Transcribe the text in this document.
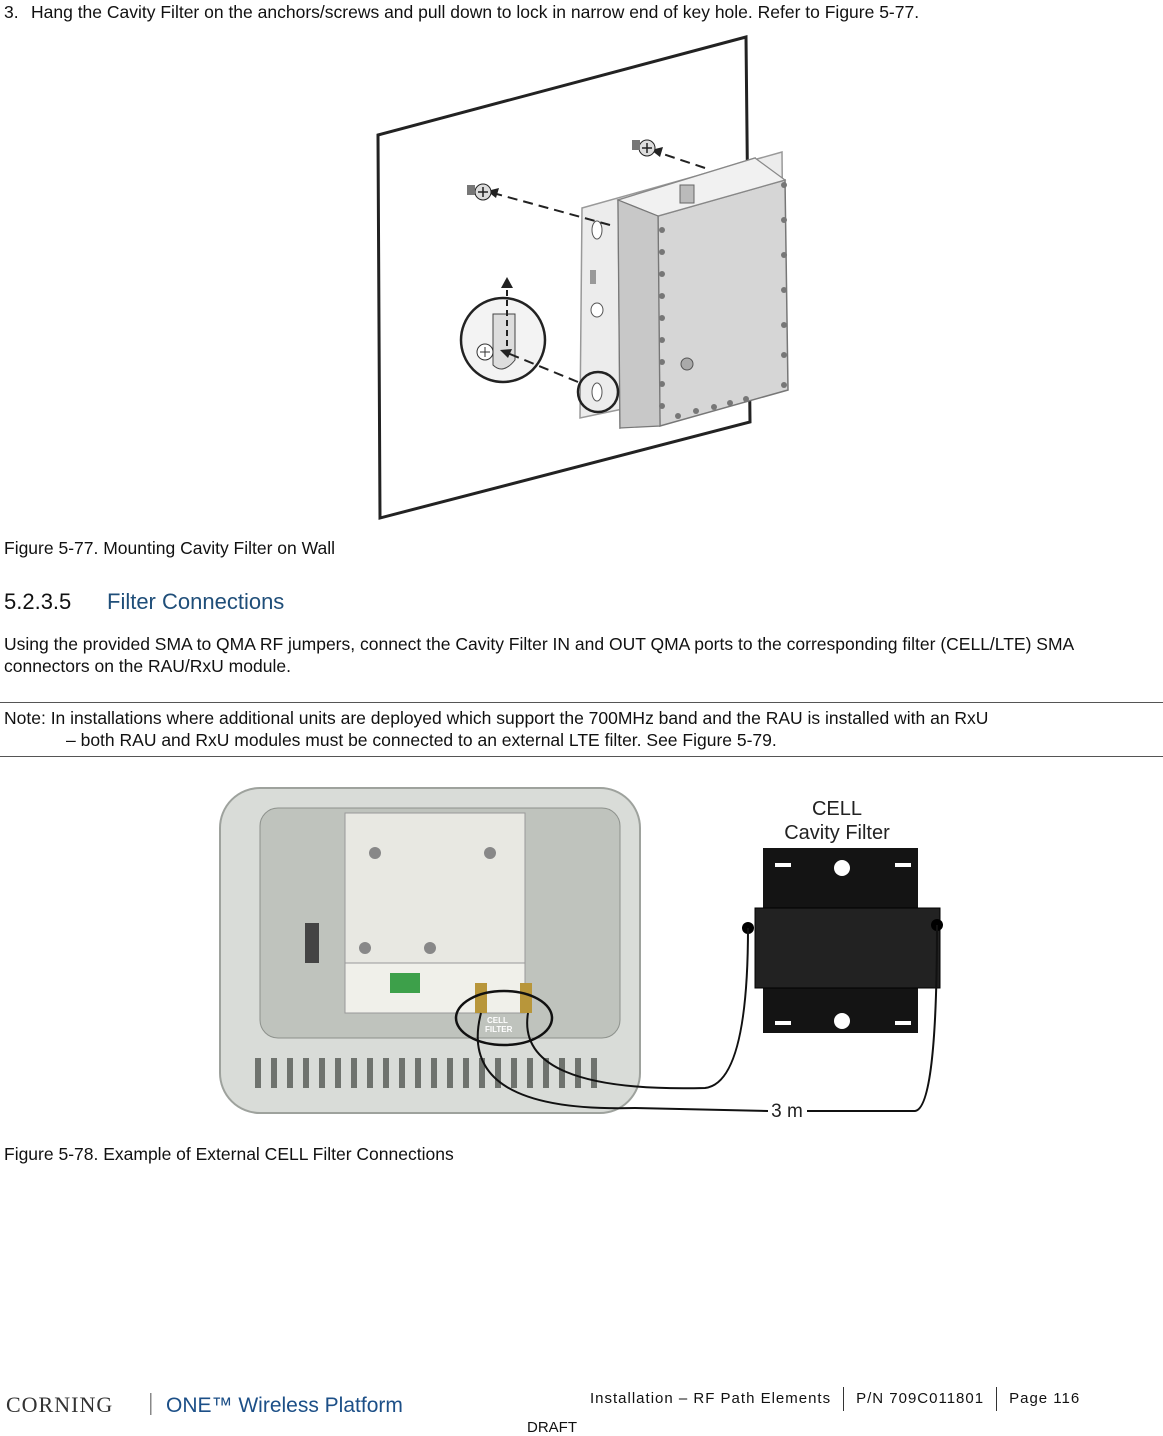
3. Hang the Cavity Filter on the anchors/screws and pull down to lock in narrow end of key hole. Refer to Figure 5-77.
Figure 5-77. Mounting Cavity Filter on Wall
5.2.3.5 Filter Connections
Using the provided SMA to QMA RF jumpers, connect the Cavity Filter IN and OUT QMA ports to the corresponding filter (CELL/LTE) SMA connectors on the RAU/RxU module.
Note: In installations where additional units are deployed which support the 700MHz band and the RAU is installed with an RxU
– both RAU and RxU modules must be connected to an external LTE filter. See Figure 5-79.
CELL
FILTER
CELL
Cavity Filter
3 m
Figure 5-78. Example of External CELL Filter Connections
CORNING	ONE™ Wireless Platform	Installation – RF Path Elements P/N 709C011801 Page 116
DRAFT
